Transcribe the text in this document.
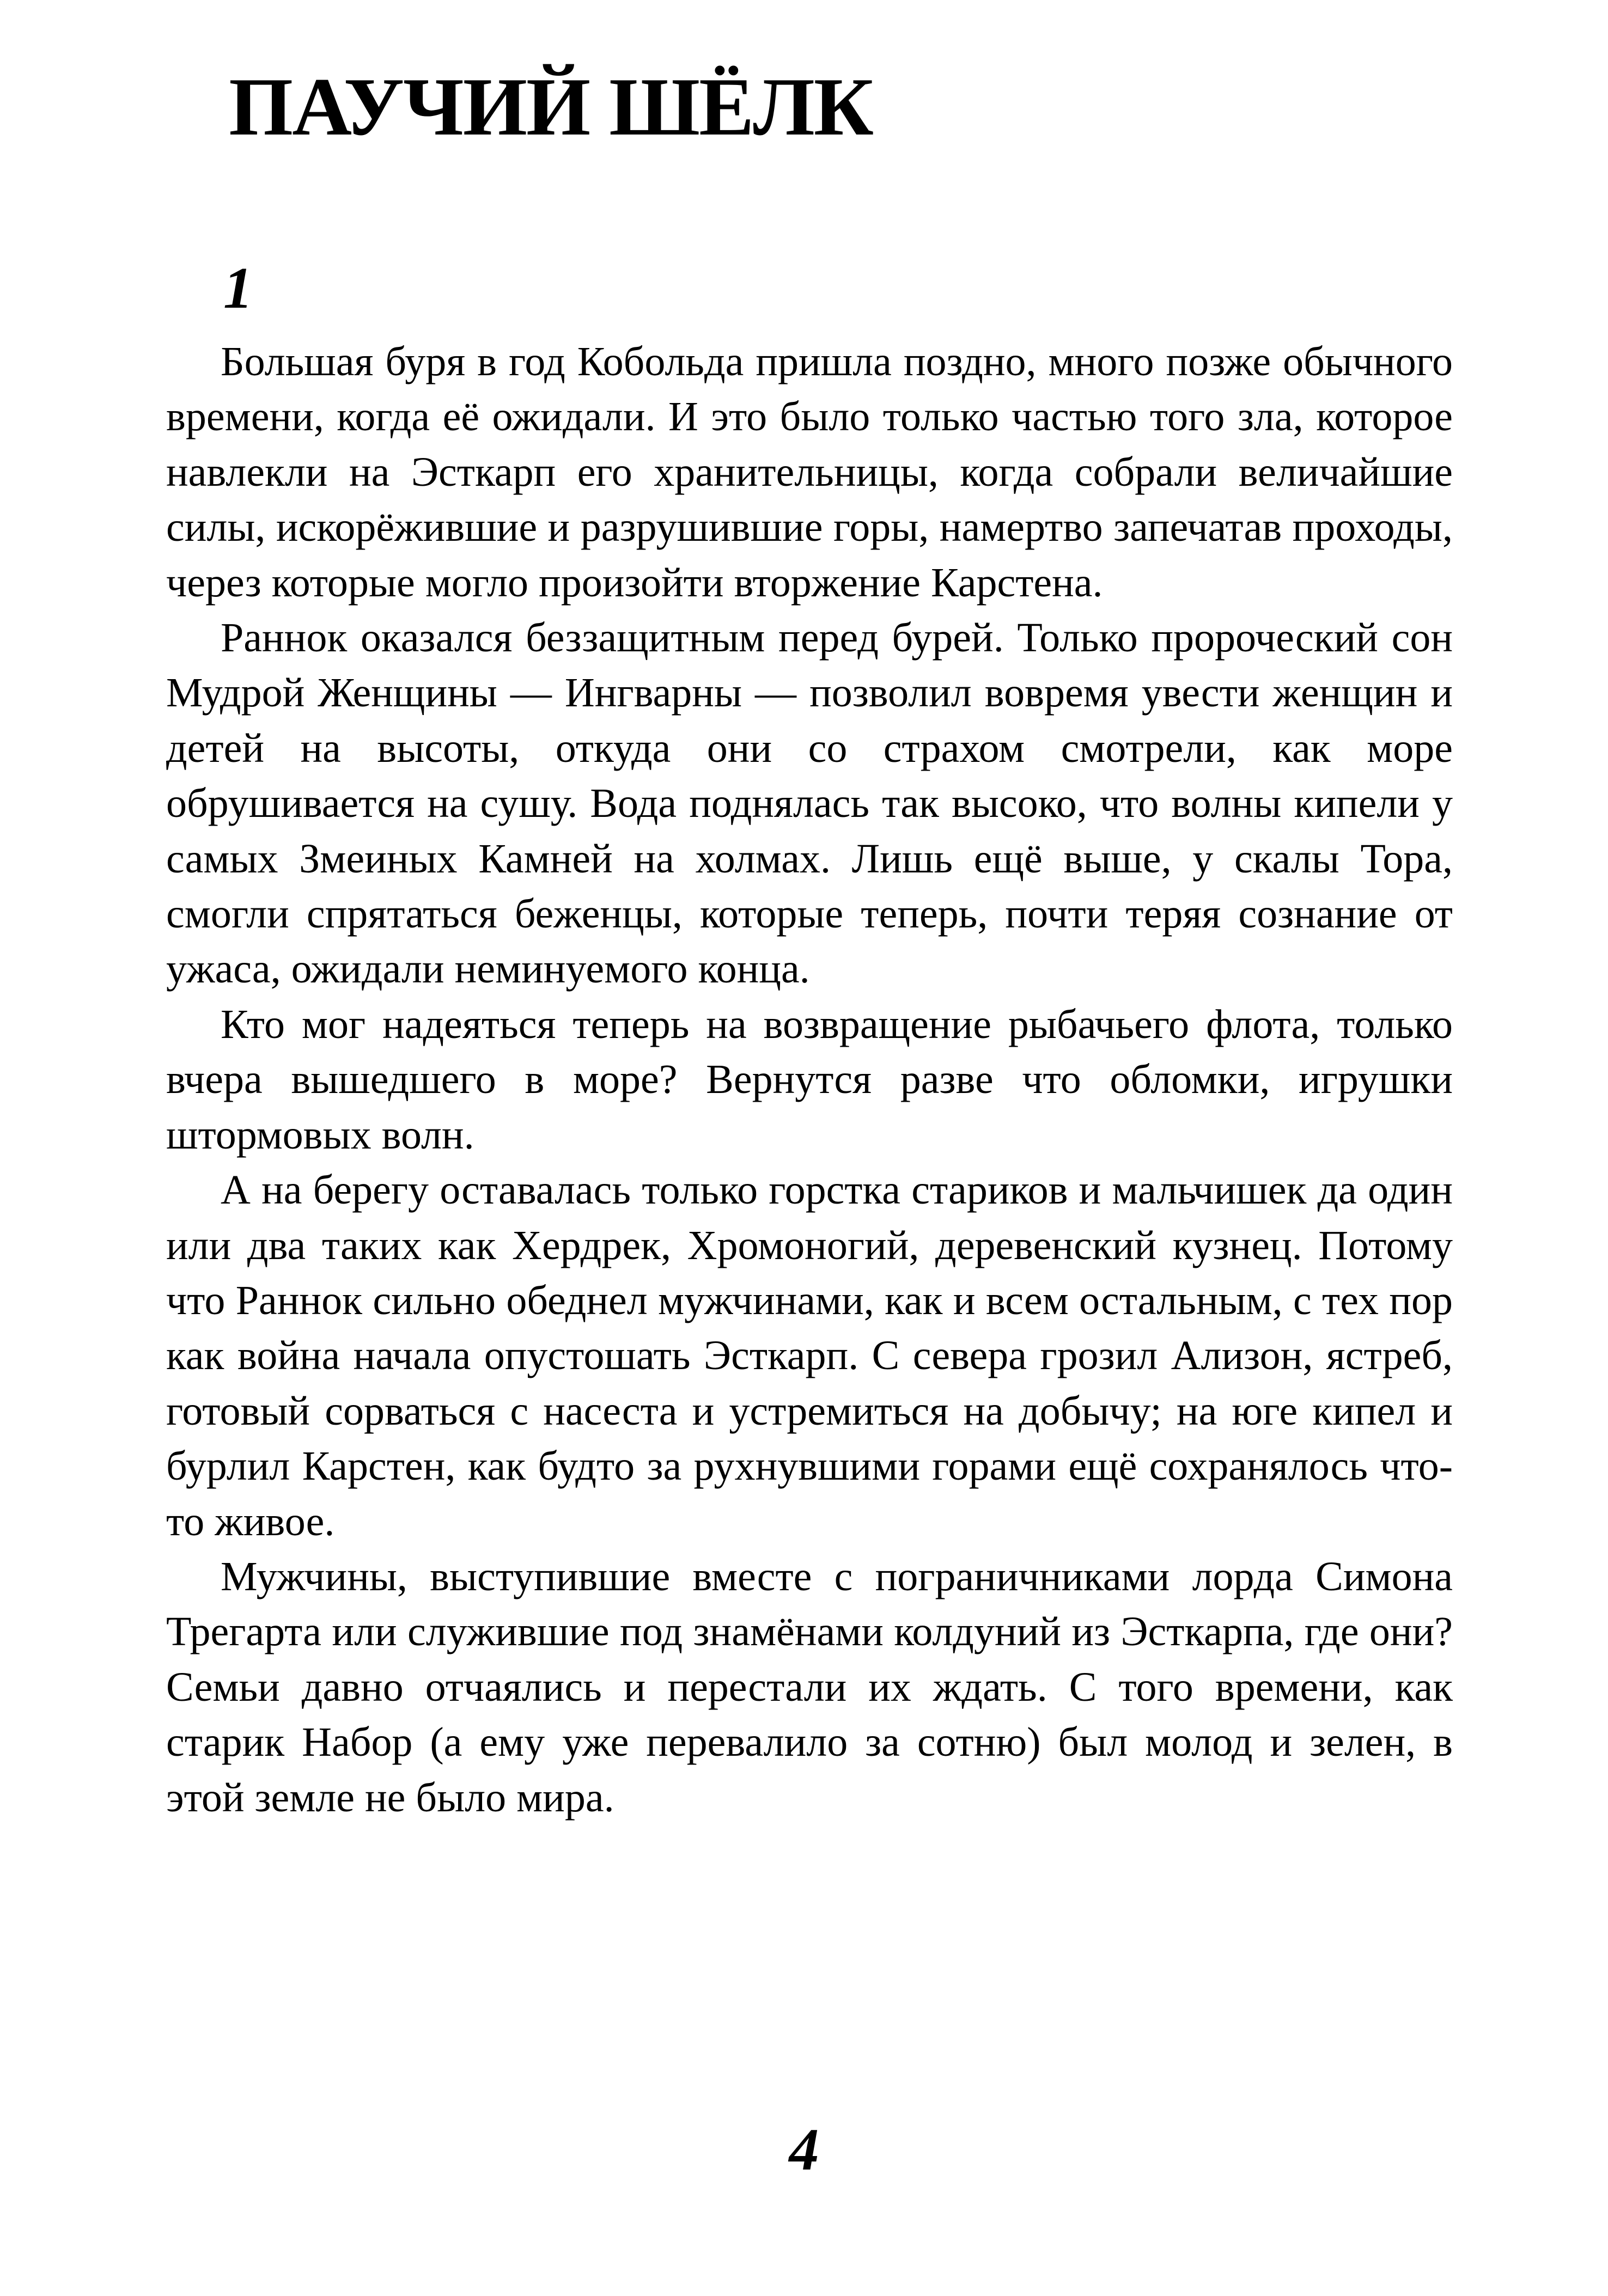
ПАУЧИЙ ШЁЛК
1

Большая буря в год Кобольда пришла поздно, много позже обычного времени, когда её ожидали. И это было только частью того зла, которое навлекли на Эсткарп его хранительницы, когда собрали величайшие силы, искорёжившие и разрушившие горы, намертво запечатав проходы, через которые могло произойти вторжение Карстена.

Раннок оказался беззащитным перед бурей. Только пророческий сон Мудрой Женщины — Ингварны — позволил вовремя увести женщин и детей на высоты, откуда они со страхом смотрели, как море обрушивается на сушу. Вода поднялась так высоко, что волны кипели у самых Змеиных Камней на холмах. Лишь ещё выше, у скалы Тора, смогли спрятаться беженцы, которые теперь, почти теряя сознание от ужаса, ожидали неминуемого конца.

Кто мог надеяться теперь на возвращение рыбачьего флота, только вчера вышедшего в море? Вернутся разве что обломки, игрушки штормовых волн.

А на берегу оставалась только горстка стариков и мальчишек да один или два таких как Хердрек, Хромоногий, деревенский кузнец. Потому что Раннок сильно обеднел мужчинами, как и всем остальным, с тех пор как война начала опустошать Эсткарп. С севера грозил Ализон, ястреб, готовый сорваться с насеста и устремиться на добычу; на юге кипел и бурлил Карстен, как будто за рухнувшими горами ещё сохранялось что-то живое.

Мужчины, выступившие вместе с пограничниками лорда Симона Трегарта или служившие под знамёнами колдуний из Эсткарпа, где они? Семьи давно отчаялись и перестали их ждать. С того времени, как старик Набор (а ему уже перевалило за сотню) был молод и зелен, в этой земле не было мира.

4
